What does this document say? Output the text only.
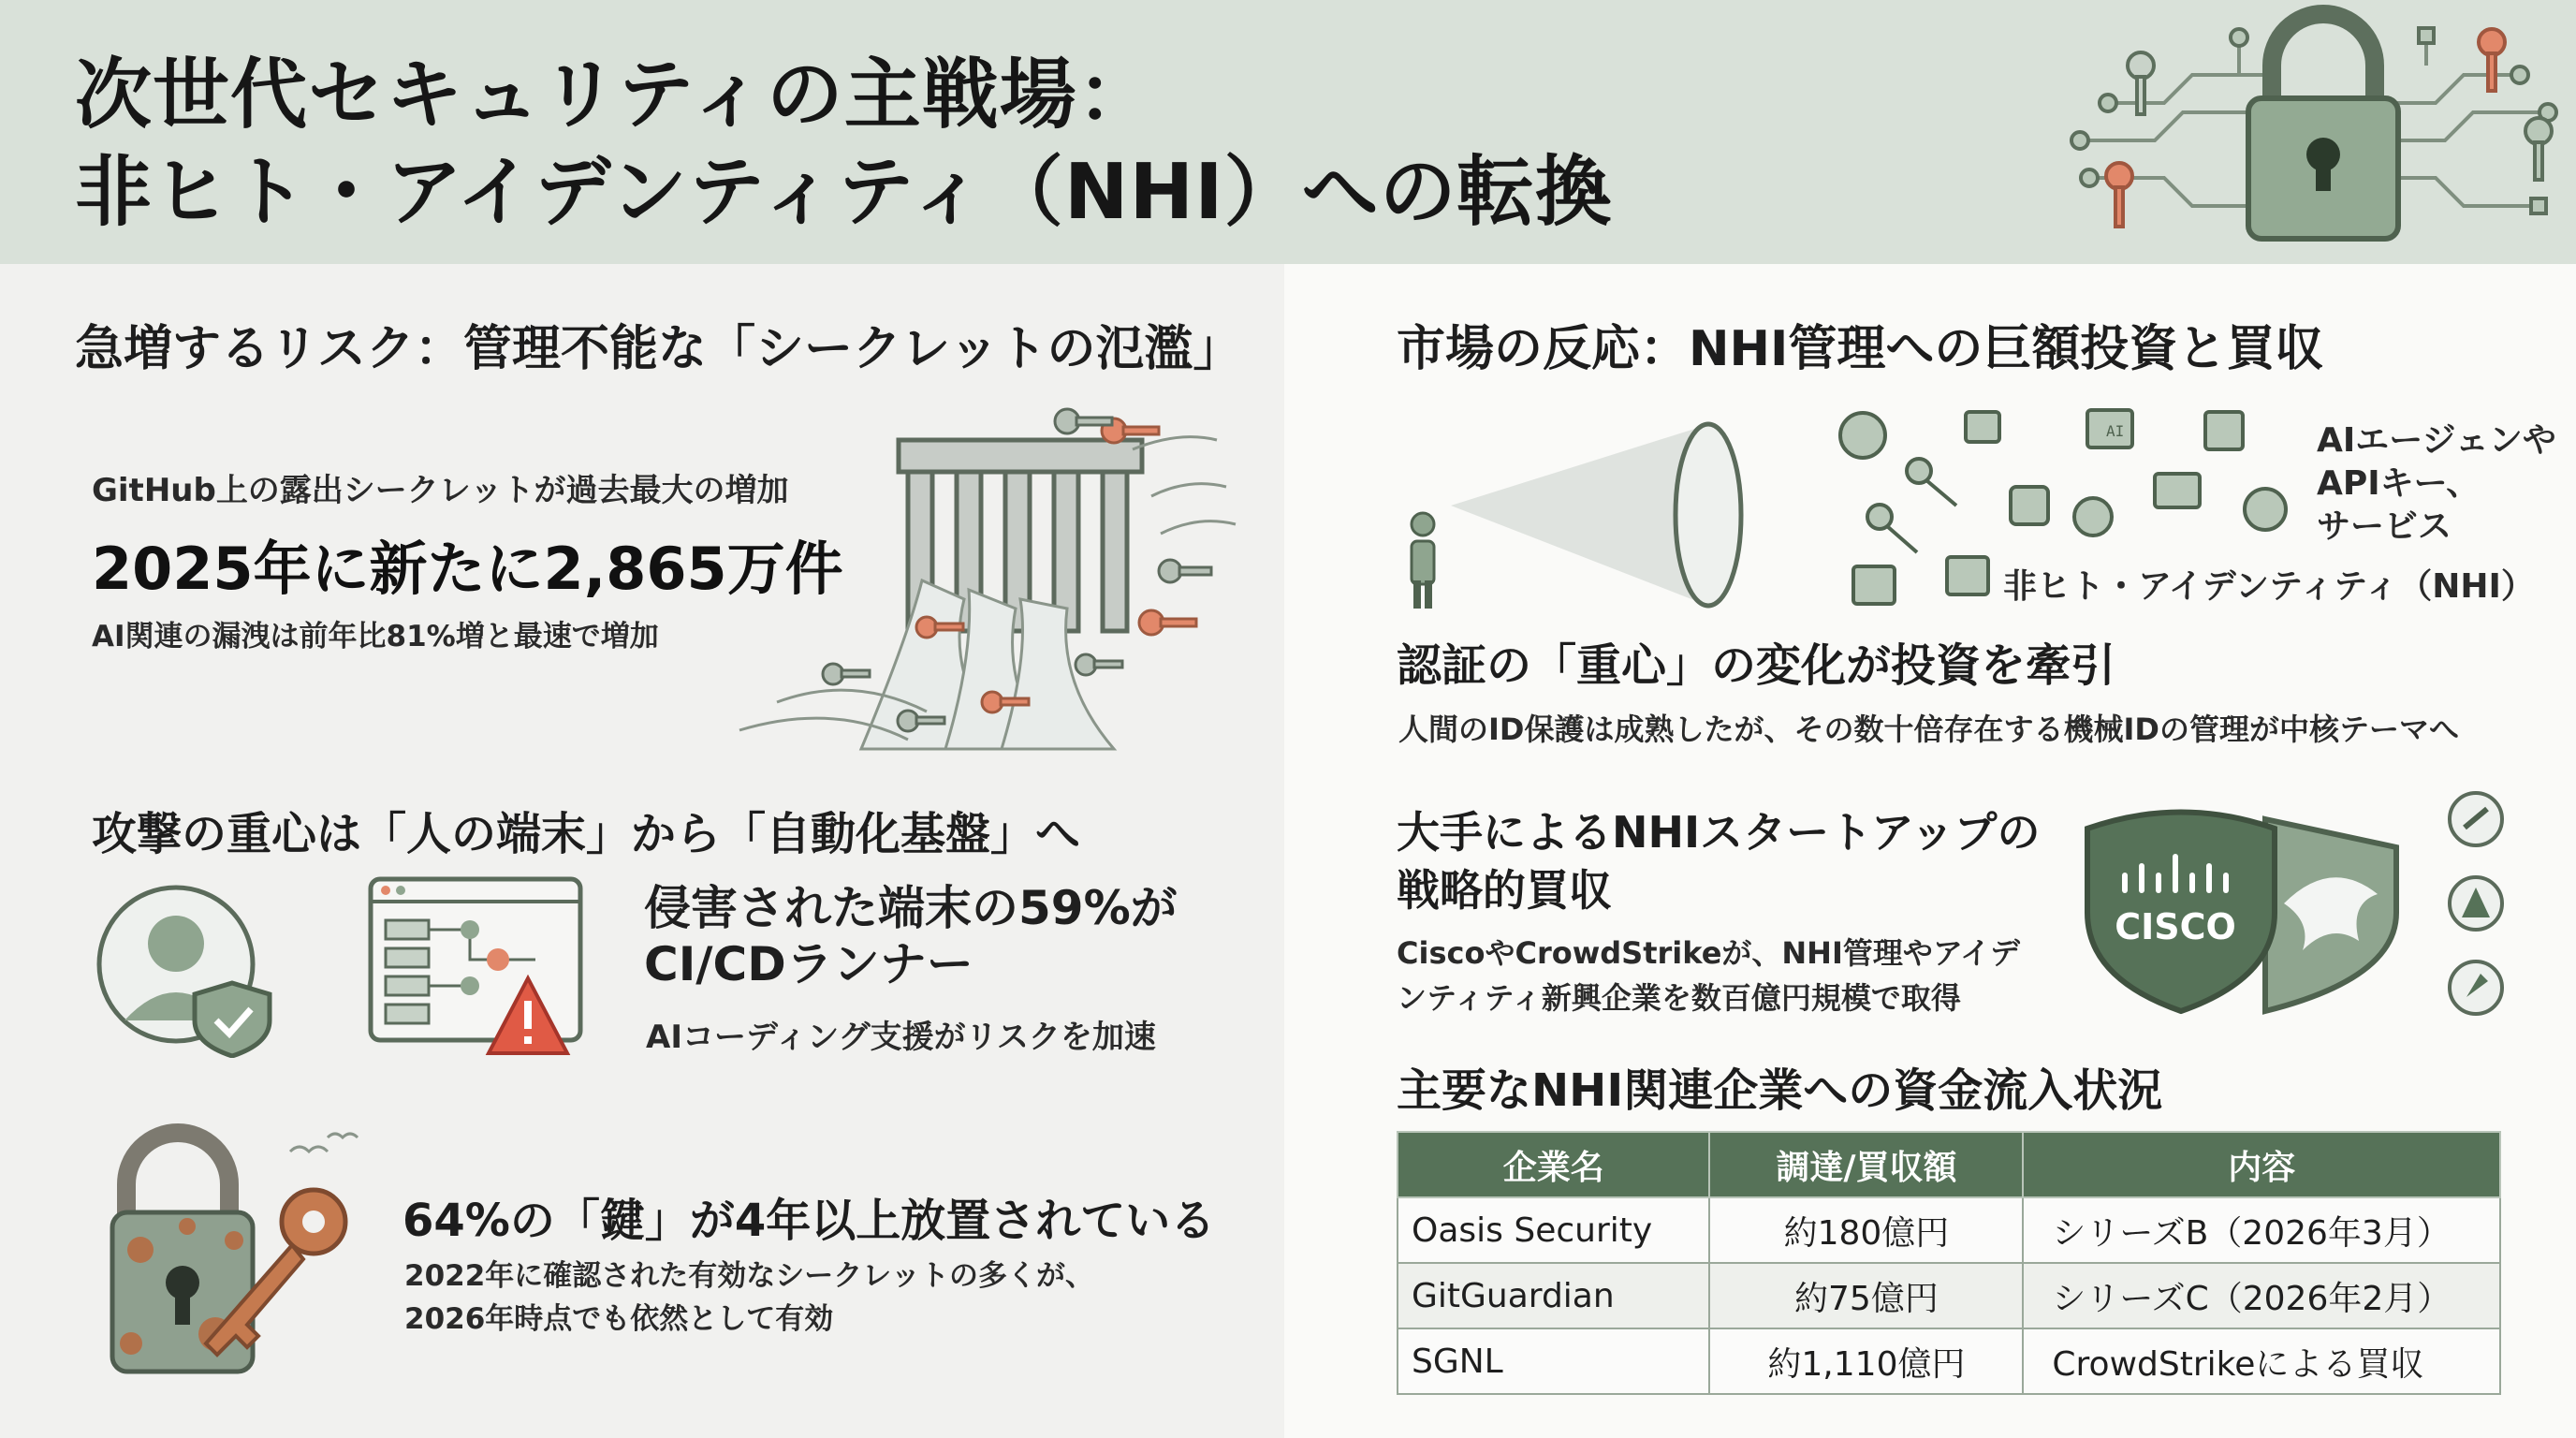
次世代セキュリティの主戦場：
非ヒト・アイデンティティ（NHI）への転換
急増するリスク：管理不能な「シークレットの氾濫」
GitHub上の露出シークレットが過去最大の増加
2025年に新たに2,865万件
AI関連の漏洩は前年比81%増と最速で増加
攻撃の重心は「人の端末」から「自動化基盤」へ
侵害された端末の59%が
CI/CDランナー
AIコーディング支援がリスクを加速
64%の「鍵」が4年以上放置されている
2022年に確認された有効なシークレットの多くが、
2026年時点でも依然として有効
市場の反応：NHI管理への巨額投資と買収
AI	AIエージェンや
APIキー、
サービス
非ヒト・アイデンティティ（NHI）
認証の「重心」の変化が投資を牽引
人間のID保護は成熟したが、その数十倍存在する機械IDの管理が中核テーマへ
大手によるNHIスタートアップの
戦略的買収
CiscoやCrowdStrikeが、NHI管理やアイデ
ンティティ新興企業を数百億円規模で取得
CISCO
主要なNHI関連企業への資金流入状況
企業名	調達/買収額	内容
Oasis Security	約180億円	シリーズB（2026年3月）
GitGuardian	約75億円	シリーズC（2026年2月）
SGNL	約1,110億円	CrowdStrikeによる買収
